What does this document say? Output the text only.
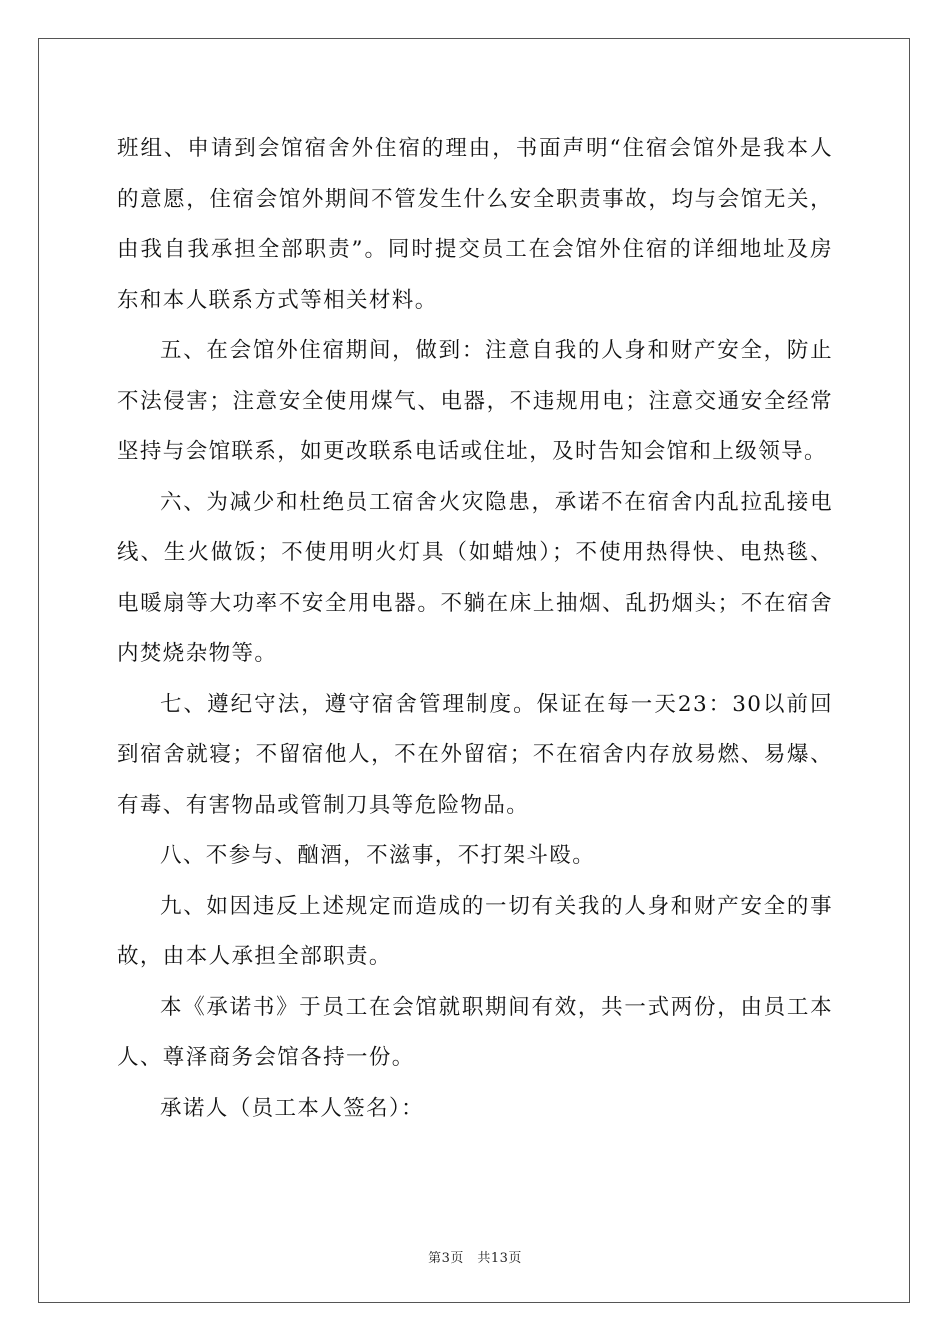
班组、申请到会馆宿舍外住宿的理由，书面声明“住宿会馆外是我本人的意愿，住宿会馆外期间不管发生什么安全职责事故，均与会馆无关，由我自我承担全部职责”。同时提交员工在会馆外住宿的详细地址及房东和本人联系方式等相关材料。

五、在会馆外住宿期间，做到：注意自我的人身和财产安全，防止不法侵害；注意安全使用煤气、电器，不违规用电；注意交通安全经常坚持与会馆联系，如更改联系电话或住址，及时告知会馆和上级领导。

六、为减少和杜绝员工宿舍火灾隐患，承诺不在宿舍内乱拉乱接电线、生火做饭；不使用明火灯具（如蜡烛）；不使用热得快、电热毯、电暖扇等大功率不安全用电器。不躺在床上抽烟、乱扔烟头；不在宿舍内焚烧杂物等。

七、遵纪守法，遵守宿舍管理制度。保证在每一天23：30以前回到宿舍就寝；不留宿他人，不在外留宿；不在宿舍内存放易燃、易爆、有毒、有害物品或管制刀具等危险物品。

八、不参与、酗酒，不滋事，不打架斗殴。

九、如因违反上述规定而造成的一切有关我的人身和财产安全的事故，由本人承担全部职责。

本《承诺书》于员工在会馆就职期间有效，共一式两份，由员工本人、尊泽商务会馆各持一份。

承诺人（员工本人签名）：

第3页　共13页
